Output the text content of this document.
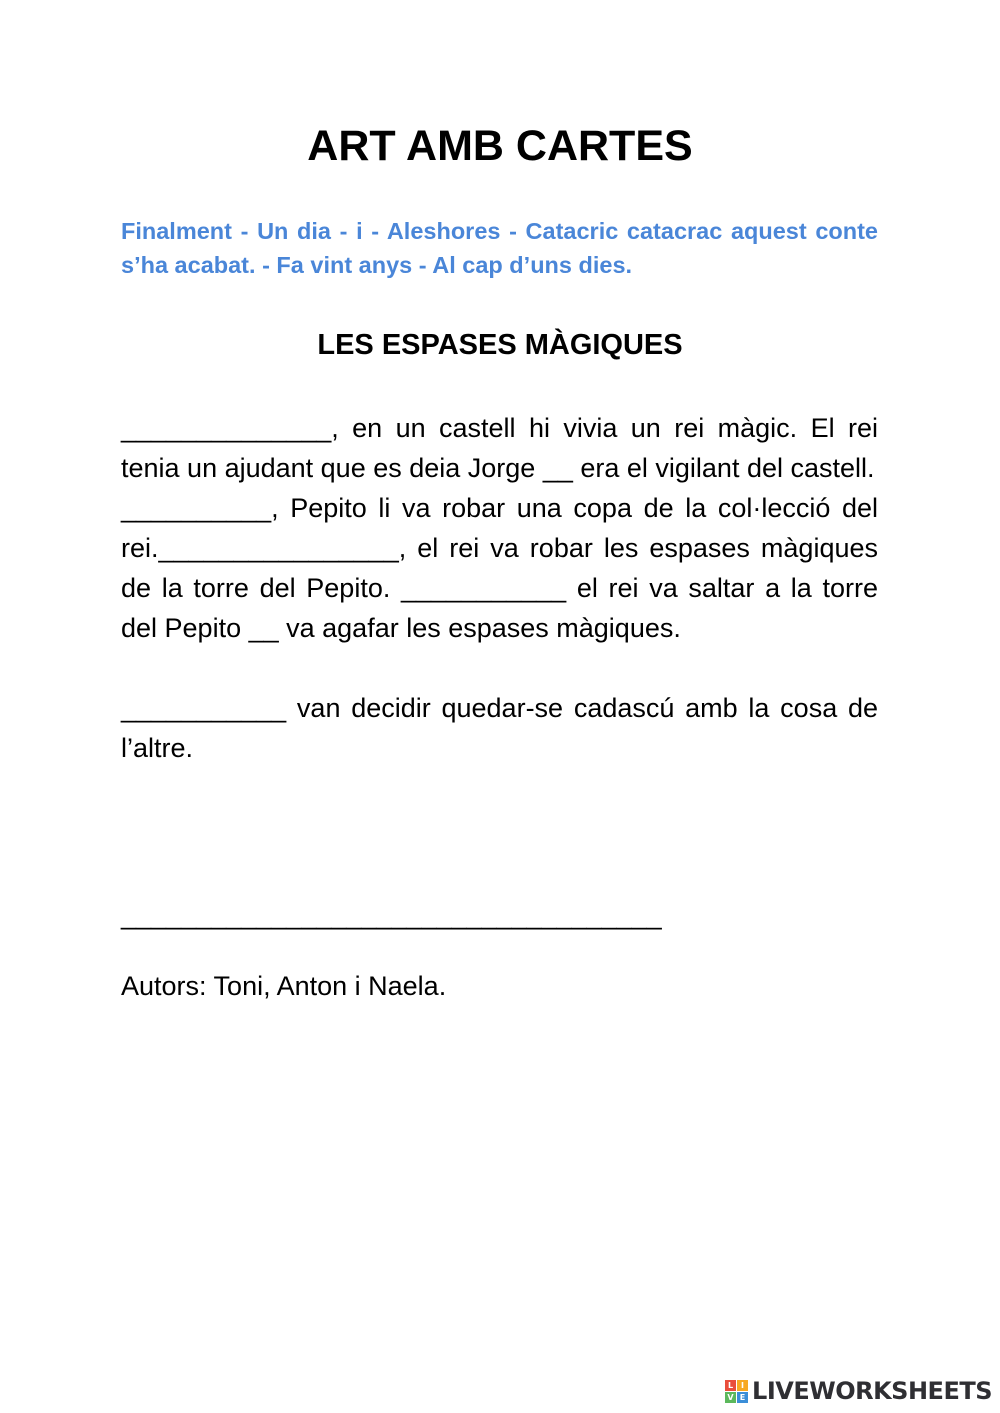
ART AMB CARTES

Finalment - Un dia - i - Aleshores - Catacric catacrac aquest conte s’ha acabat. - Fa vint anys - Al cap d’uns dies.

LES ESPASES MÀGIQUES

______________, en un castell hi vivia un rei màgic. El rei tenia un ajudant que es deia Jorge __ era el vigilant del castell.

__________, Pepito li va robar una copa de la col·lecció del rei.________________, el rei va robar les espases màgiques de la torre del Pepito. ___________ el rei va saltar a la torre del Pepito __ va agafar les espases màgiques.

___________ van decidir quedar-se cadascú amb la cosa de l’altre.

____________________________________

Autors: Toni, Anton i Naela.

L I
V E LIVEWORKSHEETS
